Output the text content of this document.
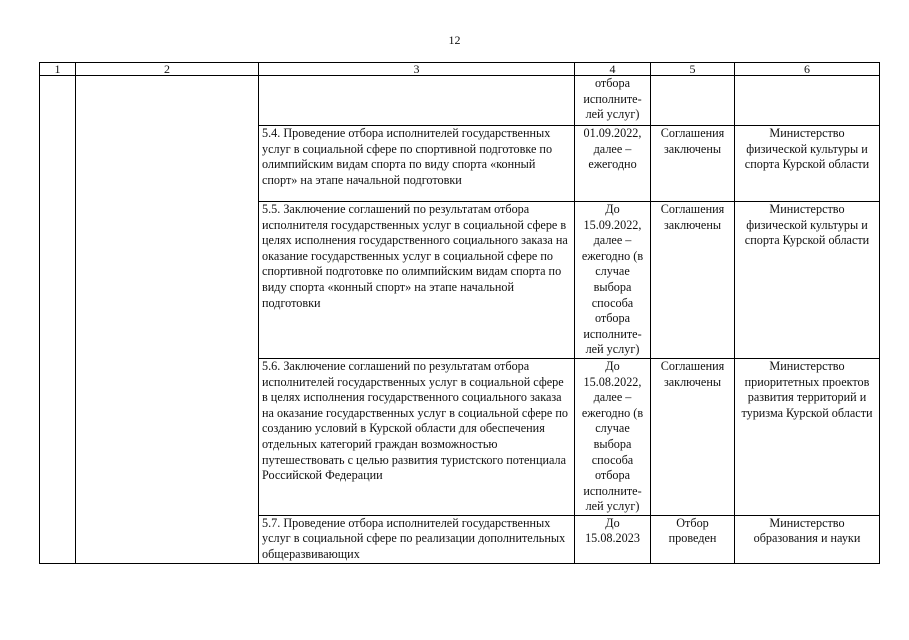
12
1	2	3	4	5	6
			отбора исполните-лей услуг)		
		5.4. Проведение отбора исполнителей государственных услуг в социальной сфере по спортивной подготовке по олимпийским видам спорта по виду спорта «конный спорт» на этапе начальной подготовки	01.09.2022, далее – ежегодно	Соглашения заключены	Министерство физической культуры и спорта Курской области
		5.5. Заключение соглашений по результатам отбора исполнителя государственных услуг в социальной сфере в целях исполнения государственного социального заказа на оказание государственных услуг в социальной сфере по спортивной подготовке по олимпийским видам спорта по виду спорта «конный спорт» на этапе начальной подготовки	До 15.09.2022, далее – ежегодно (в случае выбора способа отбора исполните-лей услуг)	Соглашения заключены	Министерство физической культуры и спорта Курской области
		5.6. Заключение соглашений по результатам отбора исполнителей государственных услуг в социальной сфере в целях исполнения государственного социального заказа на оказание государственных услуг в социальной сфере по созданию условий в Курской области для обеспечения отдельных категорий граждан возможностью путешествовать с целью развития туристского потенциала Российской Федерации	До 15.08.2022, далее – ежегодно (в случае выбора способа отбора исполните-лей услуг)	Соглашения заключены	Министерство приоритетных проектов развития территорий и туризма Курской области
		5.7. Проведение отбора исполнителей государственных услуг в социальной сфере по реализации дополнительных общеразвивающих	До 15.08.2023	Отбор проведен	Министерство образования и науки
